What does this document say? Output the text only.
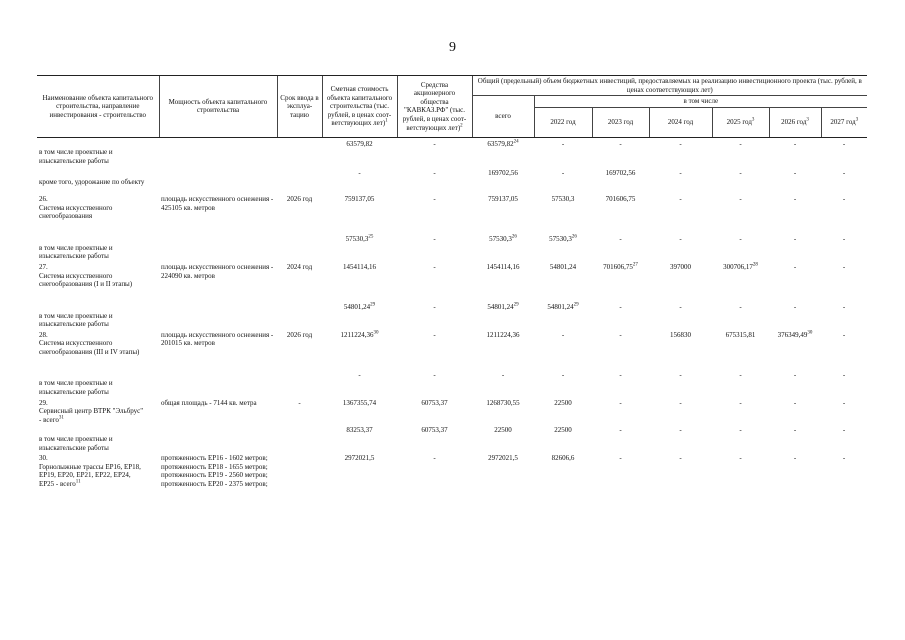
9
Наименование объекта капитального строительства, направление инвестирования - строительство	Мощность объекта капитального строительства	Срок ввода в эксплуа-тацию	Сметная стоимость объекта капитального строительства (тыс. рублей, в ценах соот-ветствующих лет)$^1$	Средства акционерного общества "КАВКАЗ.РФ" (тыс. рублей, в ценах соот-ветствующих лет)$^2$	Общий (предельный) объем бюджетных инвестиций, предоставляемых на реализацию инвестиционного проекта (тыс. рублей, в ценах соответствующих лет)						
					всего	в том числе					
						2022 год	2023 год	2024 год	2025 год$^3$	2026 год$^3$	2027 год$^3$
в том числе проектные и изыскательские работы			63579,82	-	63579,82$^{24}$	-	-	-	-	-	-
кроме того, удорожание по объекту			-	-	169702,56	-	169702,56	-	-	-	-
26.Система искусственного снегообразования	площадь искусственного оснежения - 425105 кв. метров	2026 год	759137,05	-	759137,05	57530,3	701606,75	-	-	-	-
в том числе проектные и изыскательские работы			57530,3$^{25}$	-	57530,3$^{26}$	57530,3$^{26}$	-	-	-	-	-
27.Система искусственного снегообразования (I и II этапы)	площадь искусственного оснежения - 224090 кв. метров	2024 год	1454114,16	-	1454114,16	54801,24	701606,75$^{27}$	397000	300706,17$^{28}$	-	-
в том числе проектные и изыскательские работы			54801,24$^{29}$	-	54801,24$^{29}$	54801,24$^{29}$	-	-	-	-	-
28.Система искусственного снегообразования (III и IV этапы)	площадь искусственного оснежения - 201015 кв. метров	2026 год	1211224,36$^{30}$	-	1211224,36	-	-	156830	675315,81	376349,49$^{30}$	-
в том числе проектные и изыскательские работы			-	-	-	-	-	-	-	-	-
29.Сервисный центр ВТРК "Эльбрус" - всего$^{31}$	общая площадь - 7144 кв. метра	-	1367355,74	60753,37	1268730,55	22500	-	-	-	-	-
в том числе проектные и изыскательские работы			83253,37	60753,37	22500	22500	-	-	-	-	-
30.Горнолыжные трассы ЕР16, ЕР18, ЕР19, ЕР20, ЕР21, ЕР22, ЕР24, ЕР25 - всего$^{11}$	протяженность ЕР16 - 1602 метров; протяженность ЕР18 - 1655 метров; протяженность ЕР19 - 2560 метров; протяженность ЕР20 - 2375 метров;		2972021,5	-	2972021,5	82606,6	-	-	-	-	-
